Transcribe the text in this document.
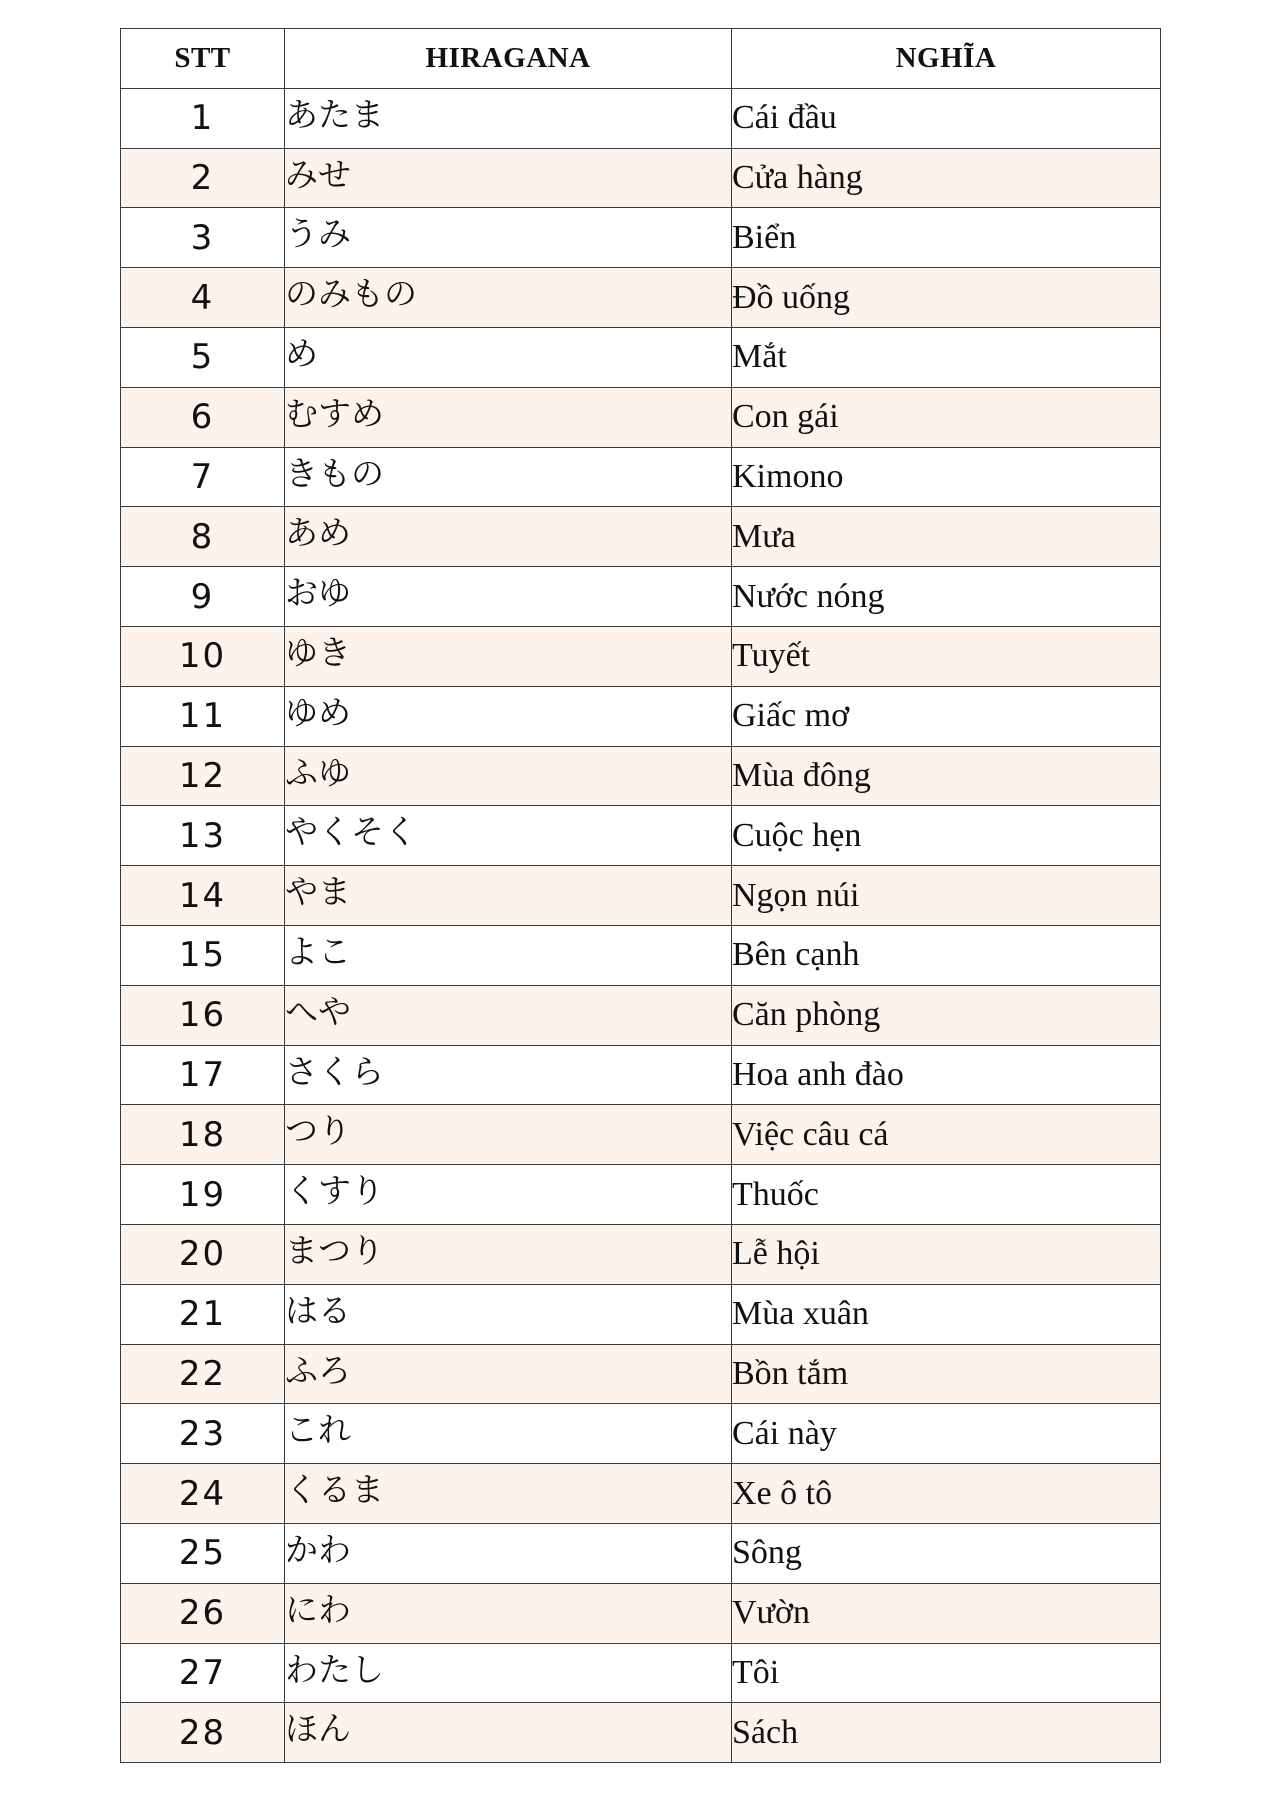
STT	HIRAGANA	NGHĨA
1	あたま	Cái đầu
2	みせ	Cửa hàng
3	うみ	Biển
4	のみもの	Đồ uống
5	め	Mắt
6	むすめ	Con gái
7	きもの	Kimono
8	あめ	Mưa
9	おゆ	Nước nóng
10	ゆき	Tuyết
11	ゆめ	Giấc mơ
12	ふゆ	Mùa đông
13	やくそく	Cuộc hẹn
14	やま	Ngọn núi
15	よこ	Bên cạnh
16	へや	Căn phòng
17	さくら	Hoa anh đào
18	つり	Việc câu cá
19	くすり	Thuốc
20	まつり	Lễ hội
21	はる	Mùa xuân
22	ふろ	Bồn tắm
23	これ	Cái này
24	くるま	Xe ô tô
25	かわ	Sông
26	にわ	Vườn
27	わたし	Tôi
28	ほん	Sách
